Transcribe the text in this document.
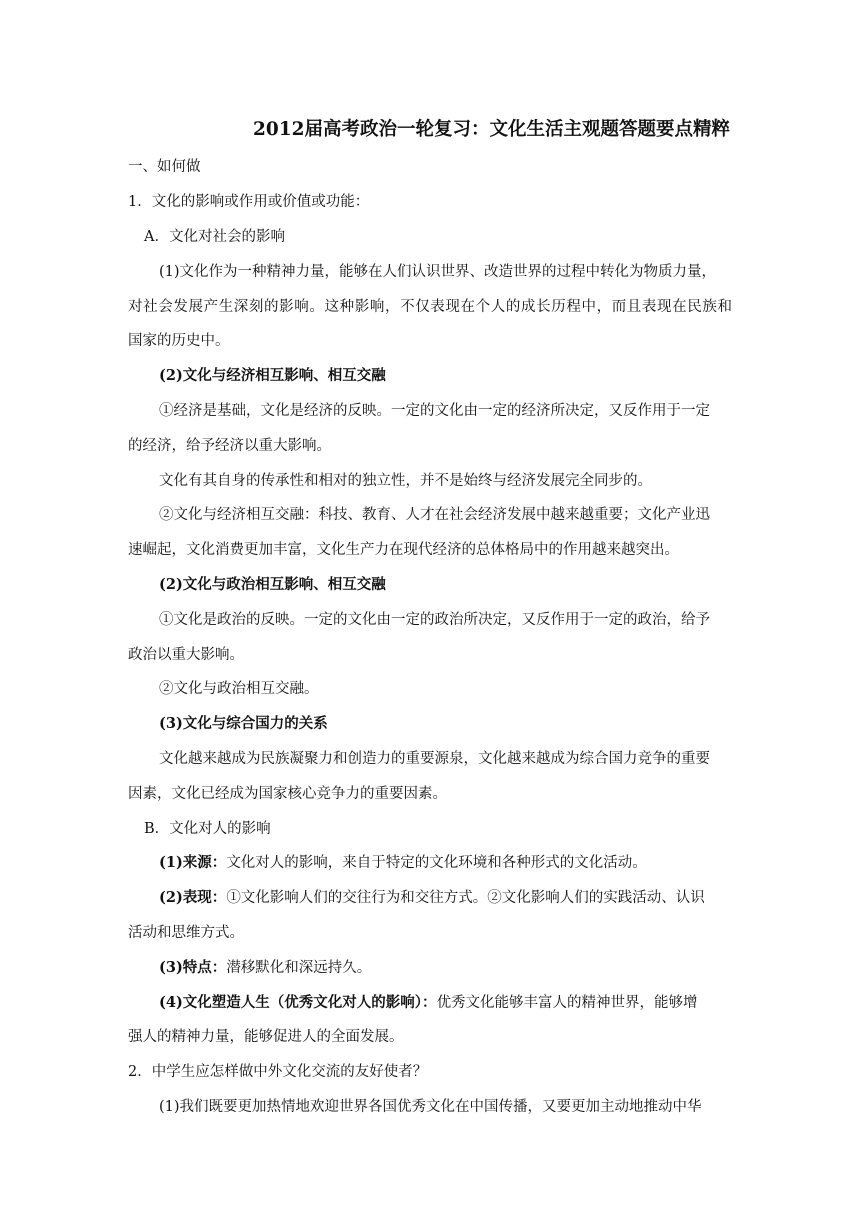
2012届高考政治一轮复习：文化生活主观题答题要点精粹
一、如何做
1．文化的影响或作用或价值或功能：
A．文化对社会的影响
(1)文化作为一种精神力量，能够在人们认识世界、改造世界的过程中转化为物质力量，
对社会发展产生深刻的影响。这种影响，不仅表现在个人的成长历程中，而且表现在民族和
国家的历史中。
(2)文化与经济相互影响、相互交融
①经济是基础，文化是经济的反映。一定的文化由一定的经济所决定，又反作用于一定
的经济，给予经济以重大影响。
文化有其自身的传承性和相对的独立性，并不是始终与经济发展完全同步的。
②文化与经济相互交融：科技、教育、人才在社会经济发展中越来越重要；文化产业迅
速崛起，文化消费更加丰富，文化生产力在现代经济的总体格局中的作用越来越突出。
(2)文化与政治相互影响、相互交融
①文化是政治的反映。一定的文化由一定的政治所决定，又反作用于一定的政治，给予
政治以重大影响。
②文化与政治相互交融。
(3)文化与综合国力的关系
文化越来越成为民族凝聚力和创造力的重要源泉，文化越来越成为综合国力竞争的重要
因素，文化已经成为国家核心竞争力的重要因素。
B．文化对人的影响
(1)来源：文化对人的影响，来自于特定的文化环境和各种形式的文化活动。
(2)表现：①文化影响人们的交往行为和交往方式。②文化影响人们的实践活动、认识
活动和思维方式。
(3)特点：潜移默化和深远持久。
(4)文化塑造人生（优秀文化对人的影响）：优秀文化能够丰富人的精神世界，能够增
强人的精神力量，能够促进人的全面发展。
2．中学生应怎样做中外文化交流的友好使者？
(1)我们既要更加热情地欢迎世界各国优秀文化在中国传播，又要更加主动地推动中华
